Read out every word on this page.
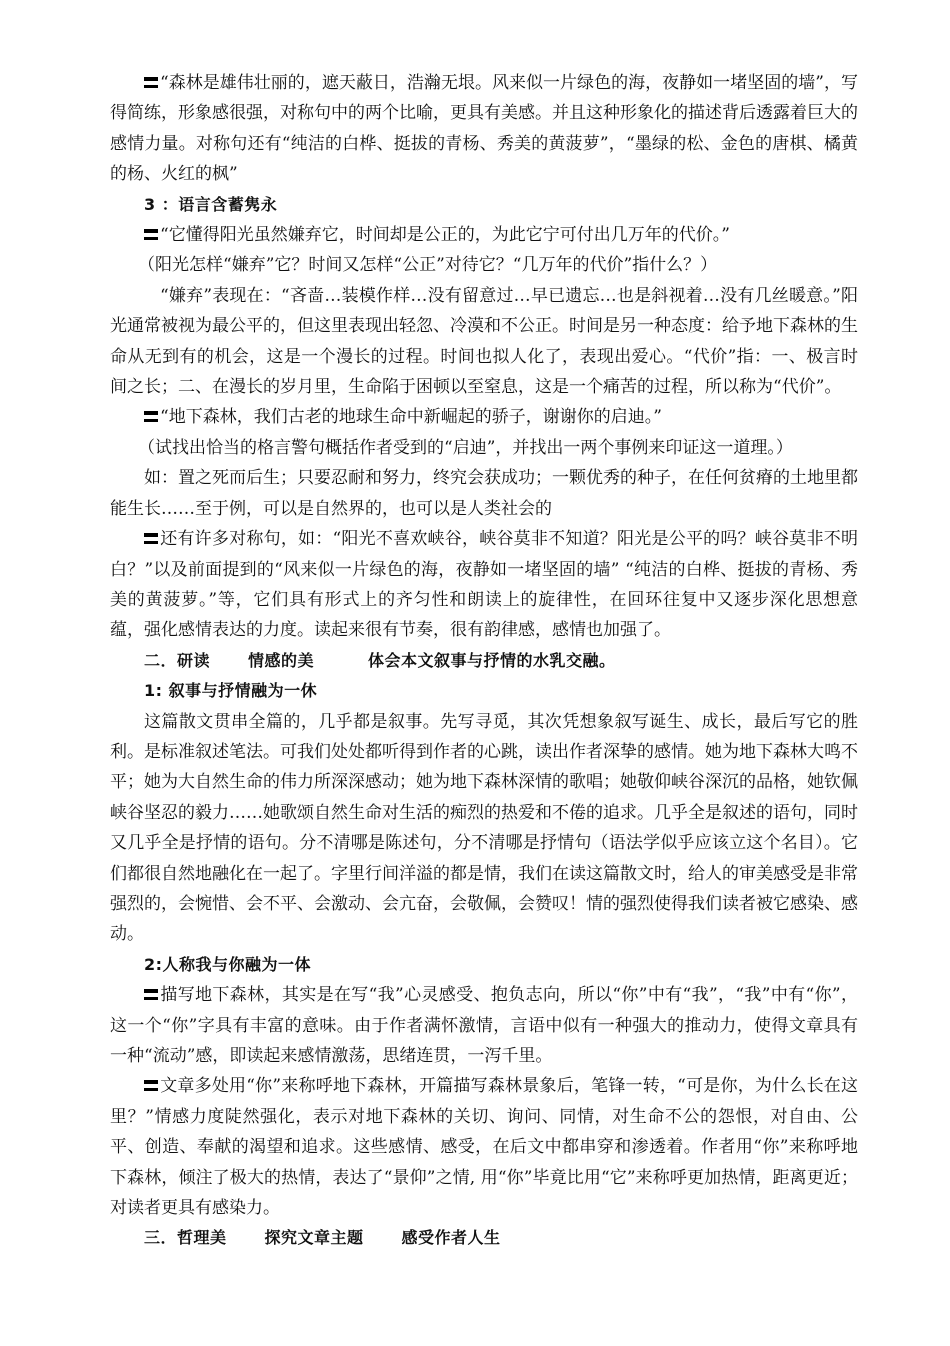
“森林是雄伟壮丽的，遮天蔽日，浩瀚无垠。风来似一片绿色的海，夜静如一堵坚固的墙”，写得简练，形象感很强，对称句中的两个比喻，更具有美感。并且这种形象化的描述背后透露着巨大的感情力量。对称句还有“纯洁的白桦、挺拔的青杨、秀美的黄菠萝”，“墨绿的松、金色的唐棋、橘黄的杨、火红的枫”

3 ：语言含蓄隽永

“它懂得阳光虽然嫌弃它，时间却是公正的，为此它宁可付出几万年的代价。”

（阳光怎样“嫌弃”它？时间又怎样“公正”对待它？“几万年的代价”指什么？）

“嫌弃”表现在：“吝啬…装模作样…没有留意过…早已遗忘…也是斜视着…没有几丝暖意。”阳光通常被视为最公平的，但这里表现出轻忽、冷漠和不公正。时间是另一种态度：给予地下森林的生命从无到有的机会，这是一个漫长的过程。时间也拟人化了，表现出爱心。“代价”指：一、极言时间之长；二、在漫长的岁月里，生命陷于困顿以至窒息，这是一个痛苦的过程，所以称为“代价”。

“地下森林，我们古老的地球生命中新崛起的骄子，谢谢你的启迪。”

（试找出恰当的格言警句概括作者受到的“启迪”，并找出一两个事例来印证这一道理。）

如：置之死而后生；只要忍耐和努力，终究会获成功；一颗优秀的种子，在任何贫瘠的土地里都能生长……至于例，可以是自然界的，也可以是人类社会的

还有许多对称句，如：“阳光不喜欢峡谷，峡谷莫非不知道？阳光是公平的吗？峡谷莫非不明白？”以及前面提到的“风来似一片绿色的海，夜静如一堵坚固的墙” “纯洁的白桦、挺拔的青杨、秀美的黄菠萝。”等，它们具有形式上的齐匀性和朗读上的旋律性，在回环往复中又逐步深化思想意蕴，强化感情表达的力度。读起来很有节奏，很有韵律感，感情也加强了。

二．研读 情感的美	体会本文叙事与抒情的水乳交融。

1: 叙事与抒情融为一休

这篇散文贯串全篇的，几乎都是叙事。先写寻觅，其次凭想象叙写诞生、成长，最后写它的胜利。是标准叙述笔法。可我们处处都听得到作者的心跳，读出作者深挚的感情。她为地下森林大鸣不平；她为大自然生命的伟力所深深感动；她为地下森林深情的歌唱；她敬仰峡谷深沉的品格，她钦佩峡谷坚忍的毅力……她歌颂自然生命对生活的痴烈的热爱和不倦的追求。几乎全是叙述的语句，同时又几乎全是抒情的语句。分不清哪是陈述句，分不清哪是抒情句（语法学似乎应该立这个名目）。它们都很自然地融化在一起了。字里行间洋溢的都是情，我们在读这篇散文时，给人的审美感受是非常强烈的，会惋惜、会不平、会激动、会亢奋，会敬佩，会赞叹！情的强烈使得我们读者被它感染、感动。

2:人称我与你融为一体

描写地下森林，其实是在写“我”心灵感受、抱负志向，所以“你”中有“我”，“我”中有“你”，这一个“你”字具有丰富的意味。由于作者满怀激情，言语中似有一种强大的推动力，使得文章具有一种“流动”感，即读起来感情激荡，思绪连贯，一泻千里。

文章多处用“你”来称呼地下森林，开篇描写森林景象后，笔锋一转，“可是你，为什么长在这里？”情感力度陡然强化，表示对地下森林的关切、询问、同情，对生命不公的怨恨，对自由、公平、创造、奉献的渴望和追求。这些感情、感受，在后文中都串穿和渗透着。作者用“你”来称呼地下森林，倾注了极大的热情，表达了“景仰”之情, 用“你”毕竟比用“它”来称呼更加热情，距离更近；对读者更具有感染力。

三．哲理美 探究文章主题 感受作者人生
